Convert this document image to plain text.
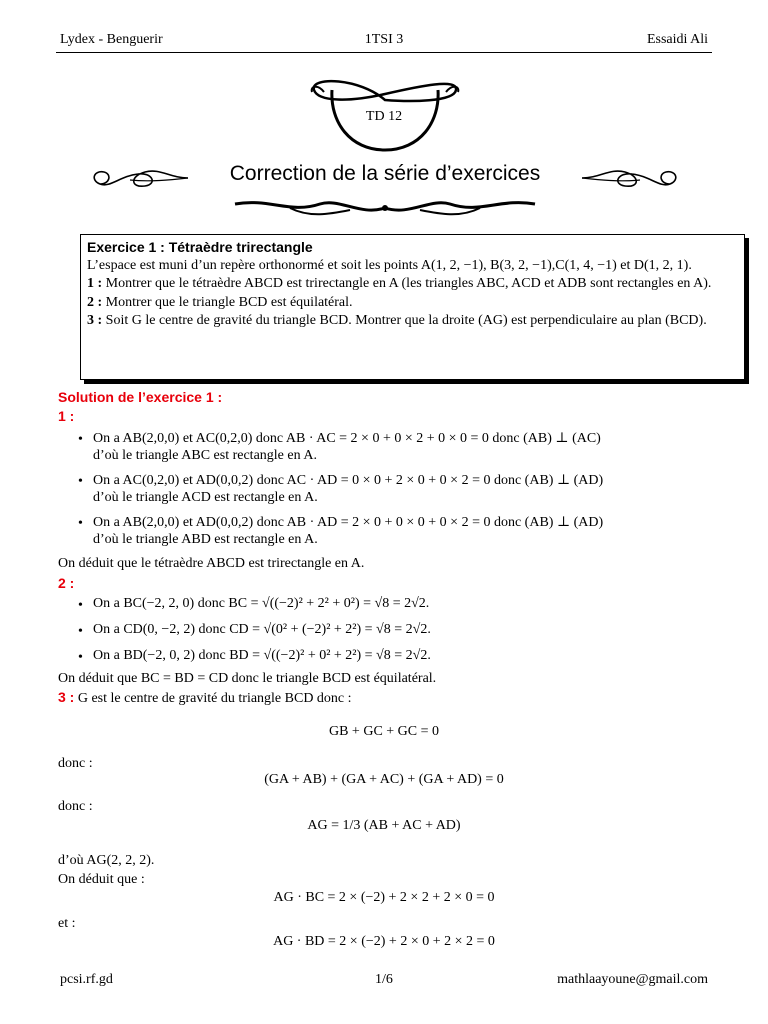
Lydex - Benguerir	1TSI 3	Essaidi Ali
TD 12
Correction de la série d’exercices
Exercice 1 : Tétraèdre trirectangle
L’espace est muni d’un repère orthonormé et soit les points A(1, 2, −1), B(3, 2, −1),C(1, 4, −1) et D(1, 2, 1).
1 : Montrer que le tétraèdre ABCD est trirectangle en A (les triangles ABC, ACD et ADB sont rectangles en A).
2 : Montrer que le triangle BCD est équilatéral.
3 : Soit G le centre de gravité du triangle BCD. Montrer que la droite (AG) est perpendiculaire au plan (BCD).
Solution de l’exercice 1 :
1 :
• On a AB(2,0,0) et AC(0,2,0) donc AB · AC = 2 × 0 + 0 × 2 + 0 × 0 = 0 donc (AB) ⊥ (AC)
d’où le triangle ABC est rectangle en A.
• On a AC(0,2,0) et AD(0,0,2) donc AC · AD = 0 × 0 + 2 × 0 + 0 × 2 = 0 donc (AB) ⊥ (AD)
d’où le triangle ACD est rectangle en A.
• On a AB(2,0,0) et AD(0,0,2) donc AB · AD = 2 × 0 + 0 × 0 + 0 × 2 = 0 donc (AB) ⊥ (AD)
d’où le triangle ABD est rectangle en A.
On déduit que le tétraèdre ABCD est trirectangle en A.
2 :
• On a BC(−2, 2, 0) donc BC = √((−2)² + 2² + 0²) = √8 = 2√2.
• On a CD(0, −2, 2) donc CD = √(0² + (−2)² + 2²) = √8 = 2√2.
• On a BD(−2, 0, 2) donc BD = √((−2)² + 0² + 2²) = √8 = 2√2.
On déduit que BC = BD = CD donc le triangle BCD est équilatéral.
3 : G est le centre de gravité du triangle BCD donc :
GB + GC + GC = 0
donc :
(GA + AB) + (GA + AC) + (GA + AD) = 0
donc :
AG = 1/3 (AB + AC + AD)
d’où AG(2, 2, 2).
On déduit que :
AG · BC = 2 × (−2) + 2 × 2 + 2 × 0 = 0
et :
AG · BD = 2 × (−2) + 2 × 0 + 2 × 2 = 0
pcsi.rf.gd	1/6	mathlaayoune@gmail.com
